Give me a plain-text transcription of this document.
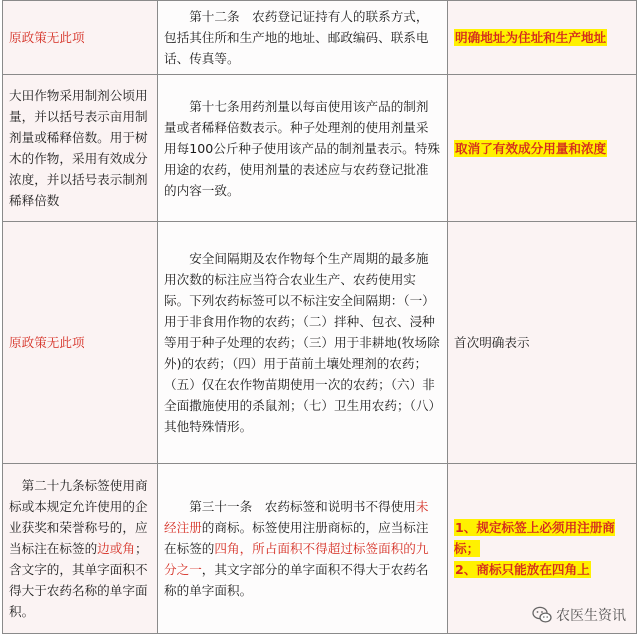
原政策无此项	第十二条　农药登记证持有人的联系方式，包括其住所和生产地的地址、邮政编码、联系电话、传真等。	明确地址为住址和生产地址
大田作物采用制剂公顷用量，并以括号表示亩用制剂量或稀释倍数。用于树木的作物，采用有效成分浓度，并以括号表示制剂稀释倍数	第十七条用药剂量以每亩使用该产品的制剂量或者稀释倍数表示。种子处理剂的使用剂量采用每100公斤种子使用该产品的制剂量表示。特殊用途的农药，使用剂量的表述应与农药登记批准的内容一致。	取消了有效成分用量和浓度
原政策无此项	安全间隔期及农作物每个生产周期的最多施用次数的标注应当符合农业生产、农药使用实际。下列农药标签可以不标注安全间隔期：（一）用于非食用作物的农药；（二）拌种、包衣、浸种等用于种子处理的农药；（三）用于非耕地(牧场除外)的农药；（四）用于苗前土壤处理剂的农药；（五）仅在农作物苗期使用一次的农药；（六）非全面撒施使用的杀鼠剂；（七）卫生用农药；（八）其他特殊情形。	首次明确表示
第二十九条标签使用商标或本规定允许使用的企业获奖和荣誉称号的，应当标注在标签的边或角；含文字的，其单字面积不得大于农药名称的单字面积。	第三十一条　农药标签和说明书不得使用未经注册的商标。标签使用注册商标的，应当标注在标签的四角，所占面积不得超过标签面积的九分之一，其文字部分的单字面积不得大于农药名称的单字面积。	1、规定标签上必须用注册商标；
2、商标只能放在四角上
农医生资讯
